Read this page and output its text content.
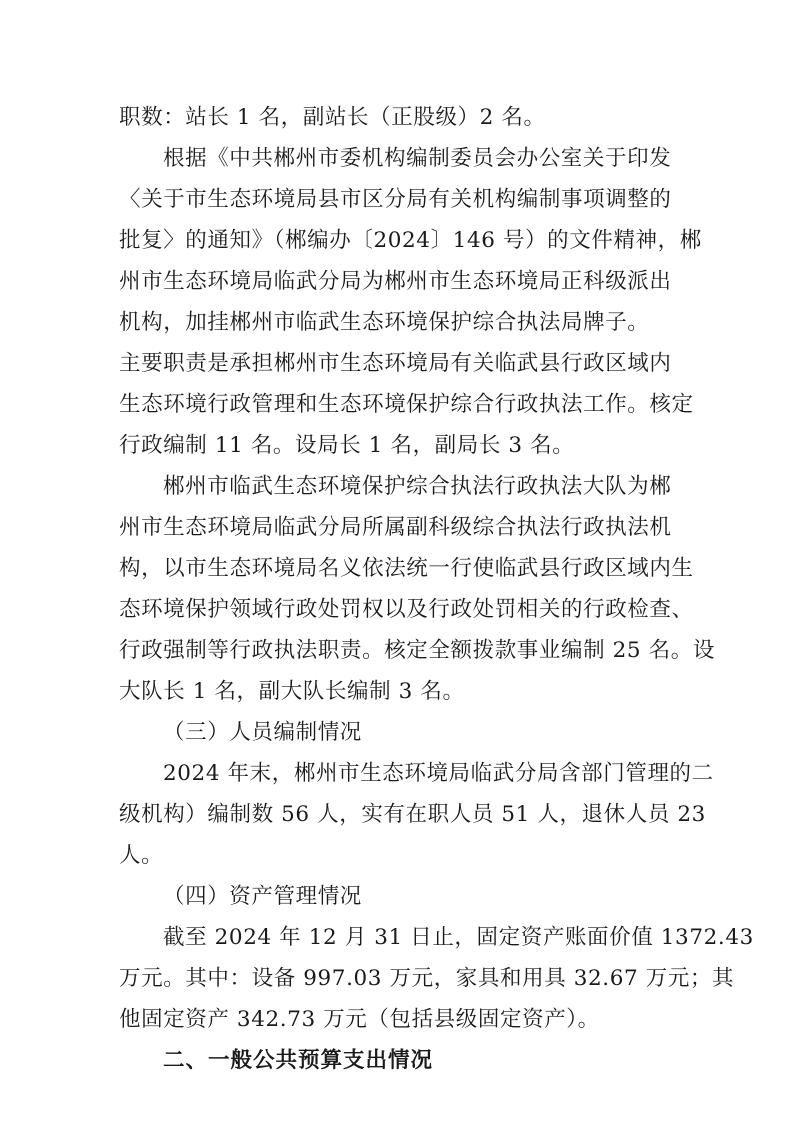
职数：站长 1 名，副站长（正股级）2 名。
根据《中共郴州市委机构编制委员会办公室关于印发
〈关于市生态环境局县市区分局有关机构编制事项调整的
批复〉的通知》（郴编办〔2024〕146 号）的文件精神，郴
州市生态环境局临武分局为郴州市生态环境局正科级派出
机构，加挂郴州市临武生态环境保护综合执法局牌子。
主要职责是承担郴州市生态环境局有关临武县行政区域内
生态环境行政管理和生态环境保护综合行政执法工作。核定
行政编制 11 名。设局长 1 名，副局长 3 名。
郴州市临武生态环境保护综合执法行政执法大队为郴
州市生态环境局临武分局所属副科级综合执法行政执法机
构，以市生态环境局名义依法统一行使临武县行政区域内生
态环境保护领域行政处罚权以及行政处罚相关的行政检查、
行政强制等行政执法职责。核定全额拨款事业编制 25 名。设
大队长 1 名，副大队长编制 3 名。
（三）人员编制情况
2024 年末，郴州市生态环境局临武分局含部门管理的二
级机构）编制数 56 人，实有在职人员 51 人，退休人员 23
人。
（四）资产管理情况
截至 2024 年 12 月 31 日止，固定资产账面价值 1372.43
万元。其中：设备 997.03 万元，家具和用具 32.67 万元；其
他固定资产 342.73 万元（包括县级固定资产）。
二、一般公共预算支出情况
